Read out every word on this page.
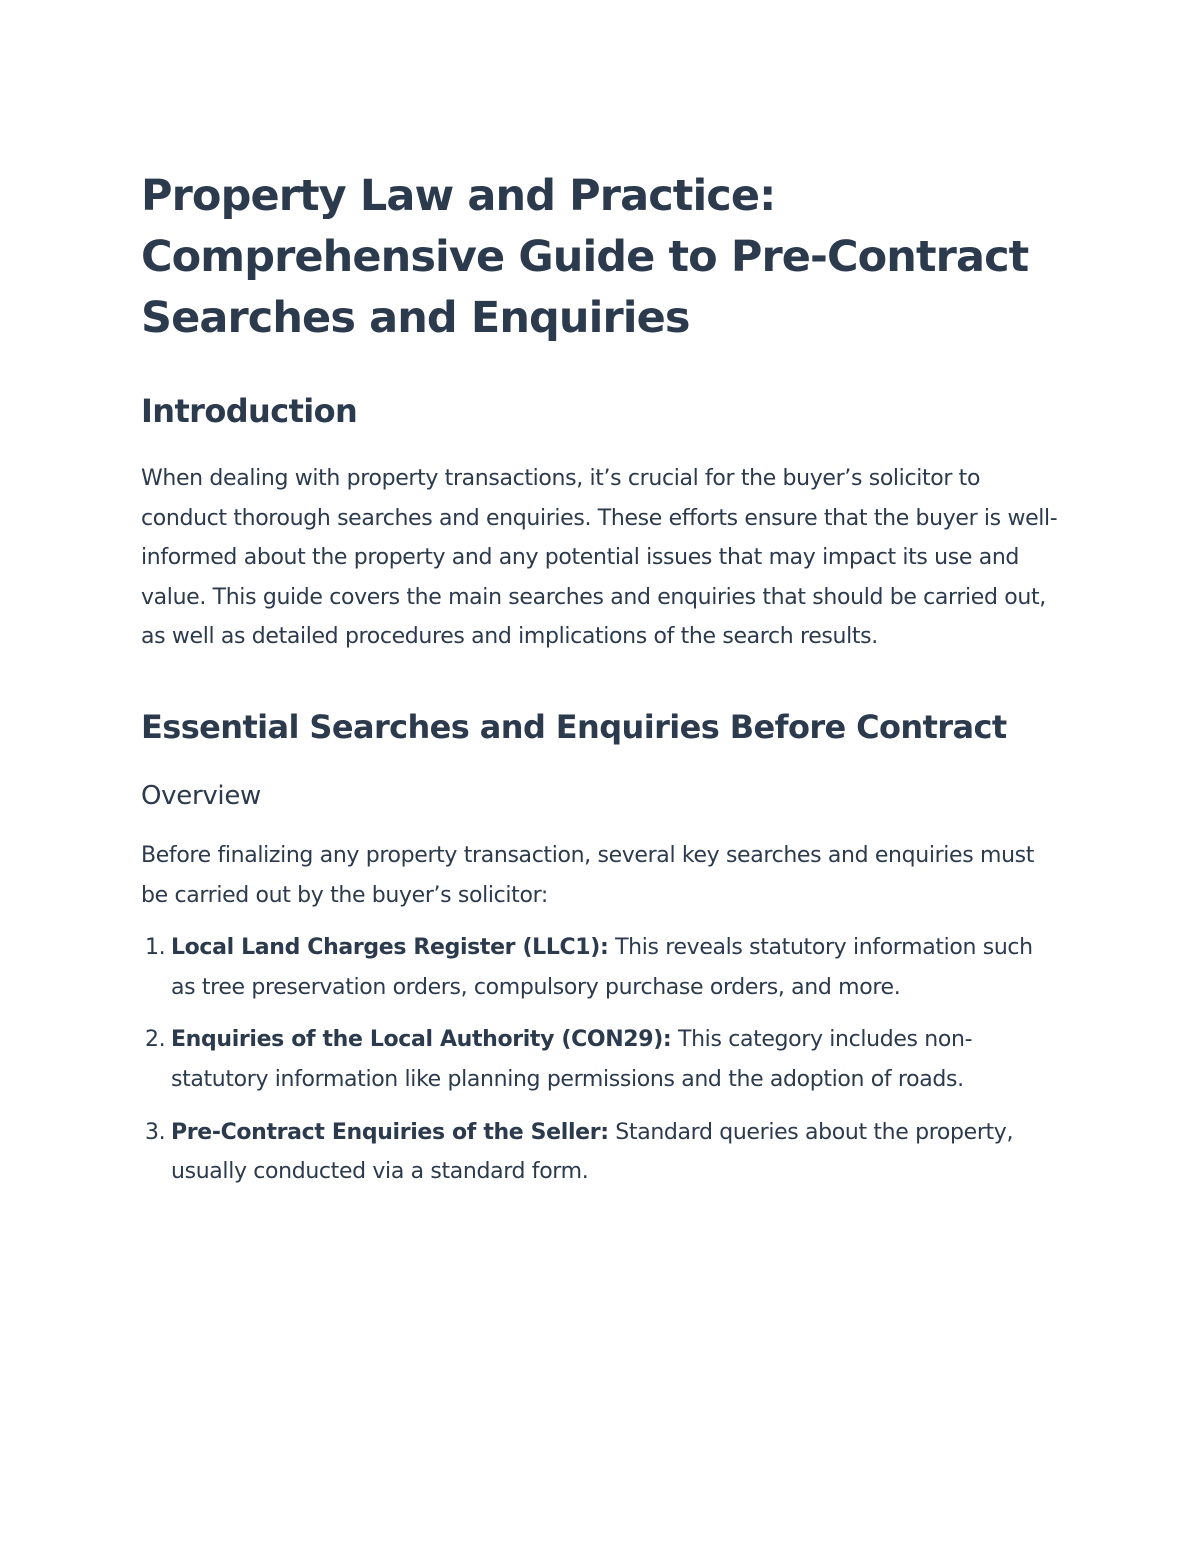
Property Law and Practice: Comprehensive Guide to Pre-Contract Searches and Enquiries
Introduction

When dealing with property transactions, it’s crucial for the buyer’s solicitor to conduct thorough searches and enquiries. These efforts ensure that the buyer is well-informed about the property and any potential issues that may impact its use and value. This guide covers the main searches and enquiries that should be carried out, as well as detailed procedures and implications of the search results.

Essential Searches and Enquiries Before Contract
Overview

Before finalizing any property transaction, several key searches and enquiries must be carried out by the buyer’s solicitor:

1. Local Land Charges Register (LLC1): This reveals statutory information such as tree preservation orders, compulsory purchase orders, and more.
2. Enquiries of the Local Authority (CON29): This category includes non-statutory information like planning permissions and the adoption of roads.
3. Pre-Contract Enquiries of the Seller: Standard queries about the property, usually conducted via a standard form.
